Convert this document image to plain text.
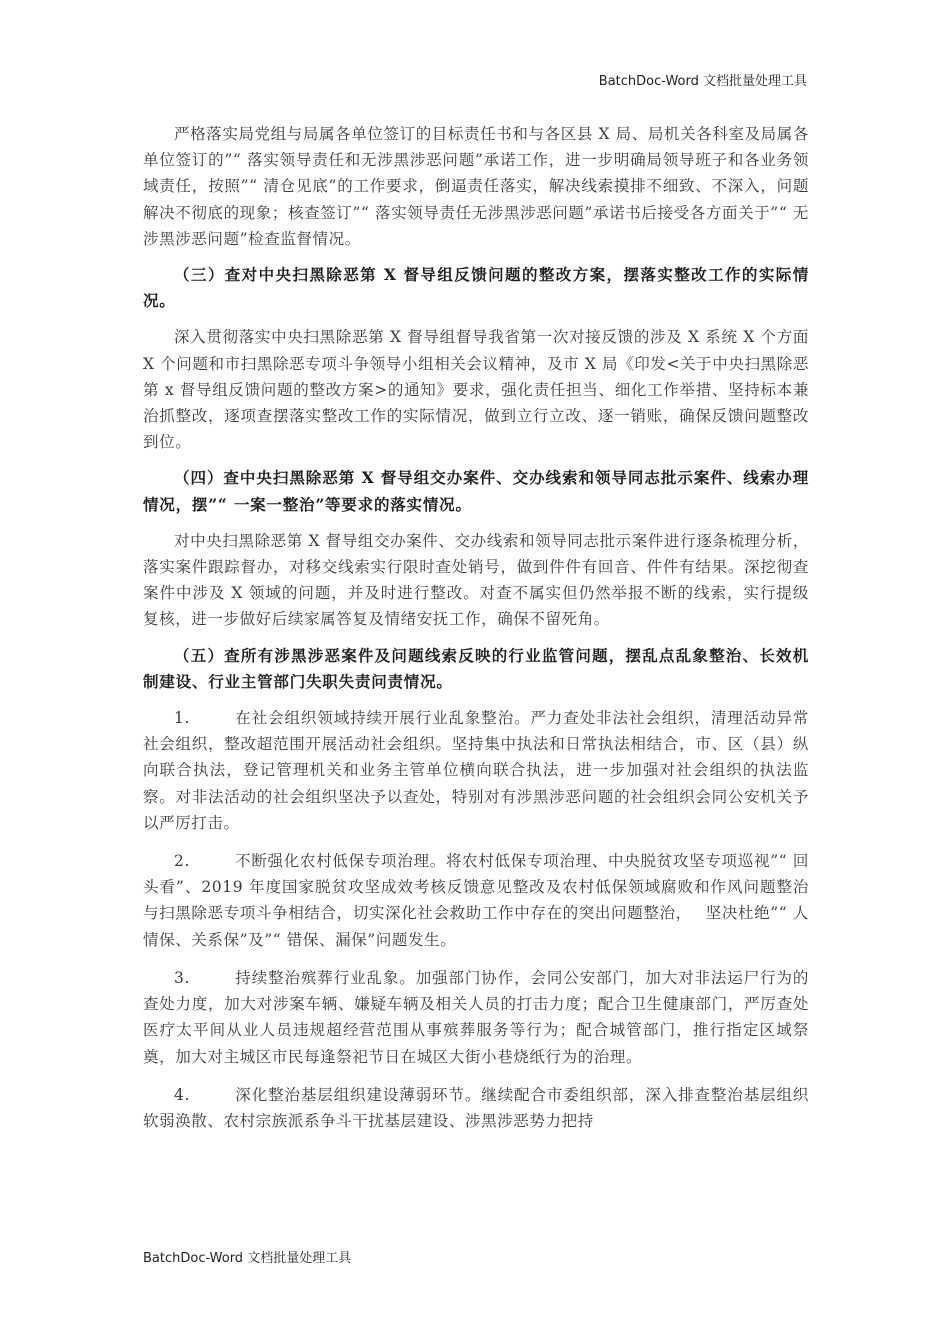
BatchDoc-Word 文档批量处理工具

严格落实局党组与局属各单位签订的目标责任书和与各区县 X 局、局机关各科室及局属各单位签订的”“ 落实领导责任和无涉黑涉恶问题”承诺工作，进一步明确局领导班子和各业务领域责任，按照”“ 清仓见底”的工作要求，倒逼责任落实，解决线索摸排不细致、不深入，问题解决不彻底的现象；核查签订”“ 落实领导责任无涉黑涉恶问题”承诺书后接受各方面关于”“ 无涉黑涉恶问题”检查监督情况。

（三）查对中央扫黑除恶第 X 督导组反馈问题的整改方案，摆落实整改工作的实际情况。

深入贯彻落实中央扫黑除恶第 X 督导组督导我省第一次对接反馈的涉及 X 系统 X 个方面 X 个问题和市扫黑除恶专项斗争领导小组相关会议精神，及市 X 局《印发<关于中央扫黑除恶第 x 督导组反馈问题的整改方案>的通知》要求，强化责任担当、细化工作举措、坚持标本兼治抓整改，逐项查摆落实整改工作的实际情况，做到立行立改、逐一销账，确保反馈问题整改到位。

（四）查中央扫黑除恶第 X 督导组交办案件、交办线索和领导同志批示案件、线索办理情况，摆”“ 一案一整治”等要求的落实情况。

对中央扫黑除恶第 X 督导组交办案件、交办线索和领导同志批示案件进行逐条梳理分析，落实案件跟踪督办，对移交线索实行限时查处销号，做到件件有回音、件件有结果。深挖彻查案件中涉及 X 领域的问题，并及时进行整改。对查不属实但仍然举报不断的线索，实行提级复核，进一步做好后续家属答复及情绪安抚工作，确保不留死角。

（五）查所有涉黑涉恶案件及问题线索反映的行业监管问题，摆乱点乱象整治、长效机制建设、行业主管部门失职失责问责情况。

1.	在社会组织领域持续开展行业乱象整治。严力查处非法社会组织，清理活动异常社会组织，整改超范围开展活动社会组织。坚持集中执法和日常执法相结合，市、区（县）纵向联合执法，登记管理机关和业务主管单位横向联合执法，进一步加强对社会组织的执法监察。对非法活动的社会组织坚决予以查处，特别对有涉黑涉恶问题的社会组织会同公安机关予以严厉打击。

2.	不断强化农村低保专项治理。将农村低保专项治理、中央脱贫攻坚专项巡视”“ 回头看”、2019 年度国家脱贫攻坚成效考核反馈意见整改及农村低保领域腐败和作风问题整治与扫黑除恶专项斗争相结合，切实深化社会救助工作中存在的突出问题整治，　 坚决杜绝”“ 人情保、关系保”及”“ 错保、漏保”问题发生。

3.	持续整治殡葬行业乱象。加强部门协作，会同公安部门，加大对非法运尸行为的查处力度，加大对涉案车辆、嫌疑车辆及相关人员的打击力度；配合卫生健康部门，严厉查处医疗太平间从业人员违规超经营范围从事殡葬服务等行为；配合城管部门，推行指定区域祭奠，加大对主城区市民每逢祭祀节日在城区大街小巷烧纸行为的治理。

4.	深化整治基层组织建设薄弱环节。继续配合市委组织部，深入排查整治基层组织软弱涣散、农村宗族派系争斗干扰基层建设、涉黑涉恶势力把持

BatchDoc-Word 文档批量处理工具
